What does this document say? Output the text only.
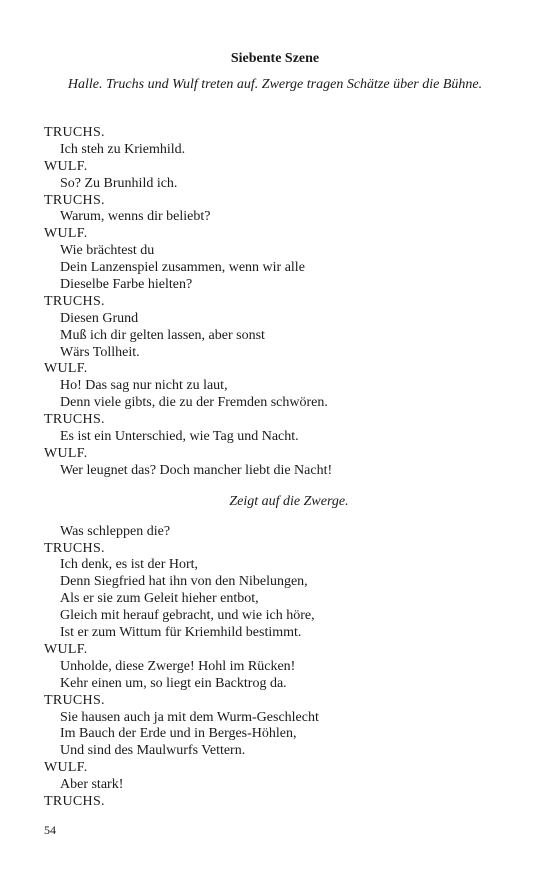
Siebente Szene
Halle. Truchs und Wulf treten auf. Zwerge tragen Schätze über die Bühne.
TRUCHS.
Ich steh zu Kriemhild.
WULF.
So? Zu Brunhild ich.
TRUCHS.
Warum, wenns dir beliebt?
WULF.
Wie brächtest du
Dein Lanzenspiel zusammen, wenn wir alle
Dieselbe Farbe hielten?
TRUCHS.
Diesen Grund
Muß ich dir gelten lassen, aber sonst
Wärs Tollheit.
WULF.
Ho! Das sag nur nicht zu laut,
Denn viele gibts, die zu der Fremden schwören.
TRUCHS.
Es ist ein Unterschied, wie Tag und Nacht.
WULF.
Wer leugnet das? Doch mancher liebt die Nacht!
Zeigt auf die Zwerge.
Was schleppen die?
TRUCHS.
Ich denk, es ist der Hort,
Denn Siegfried hat ihn von den Nibelungen,
Als er sie zum Geleit hieher entbot,
Gleich mit herauf gebracht, und wie ich höre,
Ist er zum Wittum für Kriemhild bestimmt.
WULF.
Unholde, diese Zwerge! Hohl im Rücken!
Kehr einen um, so liegt ein Backtrog da.
TRUCHS.
Sie hausen auch ja mit dem Wurm-Geschlecht
Im Bauch der Erde und in Berges-Höhlen,
Und sind des Maulwurfs Vettern.
WULF.
Aber stark!
TRUCHS.
54
